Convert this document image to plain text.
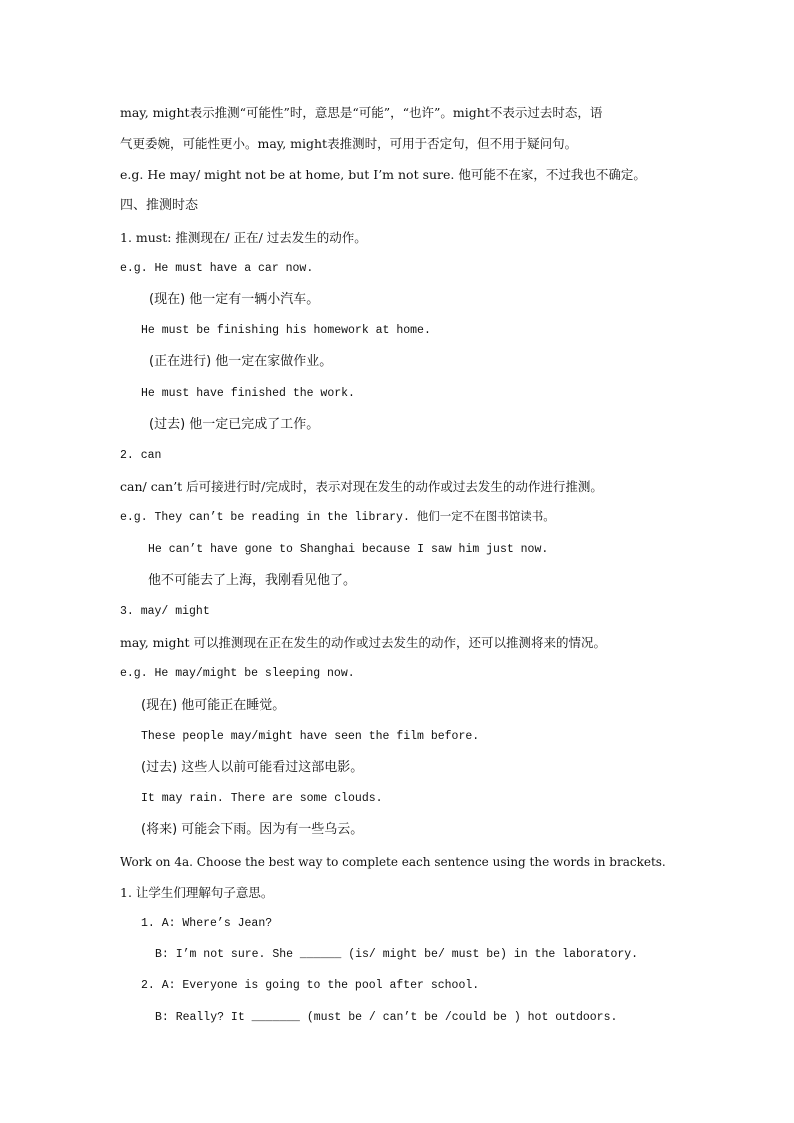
may, might表示推测“可能性”时，意思是“可能”，“也许”。might不表示过去时态，语
气更委婉，可能性更小。may, might表推测时，可用于否定句，但不用于疑问句。
e.g. He may/ might not be at home, but I’m not sure. 他可能不在家，不过我也不确定。
四、推测时态
1. must: 推测现在/ 正在/ 过去发生的动作。
e.g. He must have a car now.
(现在) 他一定有一辆小汽车。
He must be finishing his homework at home.
(正在进行) 他一定在家做作业。
He must have finished the work.
(过去) 他一定已完成了工作。
2. can
can/ can’t 后可接进行时/完成时，表示对现在发生的动作或过去发生的动作进行推测。
e.g. They can’t be reading in the library. 他们一定不在图书馆读书。
He can’t have gone to Shanghai because I saw him just now.
他不可能去了上海，我刚看见他了。
3. may/ might
may, might 可以推测现在正在发生的动作或过去发生的动作，还可以推测将来的情况。
e.g. He may/might be sleeping now.
(现在) 他可能正在睡觉。
These people may/might have seen the film before.
(过去) 这些人以前可能看过这部电影。
It may rain. There are some clouds.
(将来) 可能会下雨。因为有一些乌云。
Work on 4a. Choose the best way to complete each sentence using the words in brackets.
1. 让学生们理解句子意思。
1. A: Where’s Jean?
B: I’m not sure. She ______ (is/ might be/ must be) in the laboratory.
2. A: Everyone is going to the pool after school.
B: Really? It _______ (must be / can’t be /could be ) hot outdoors.
